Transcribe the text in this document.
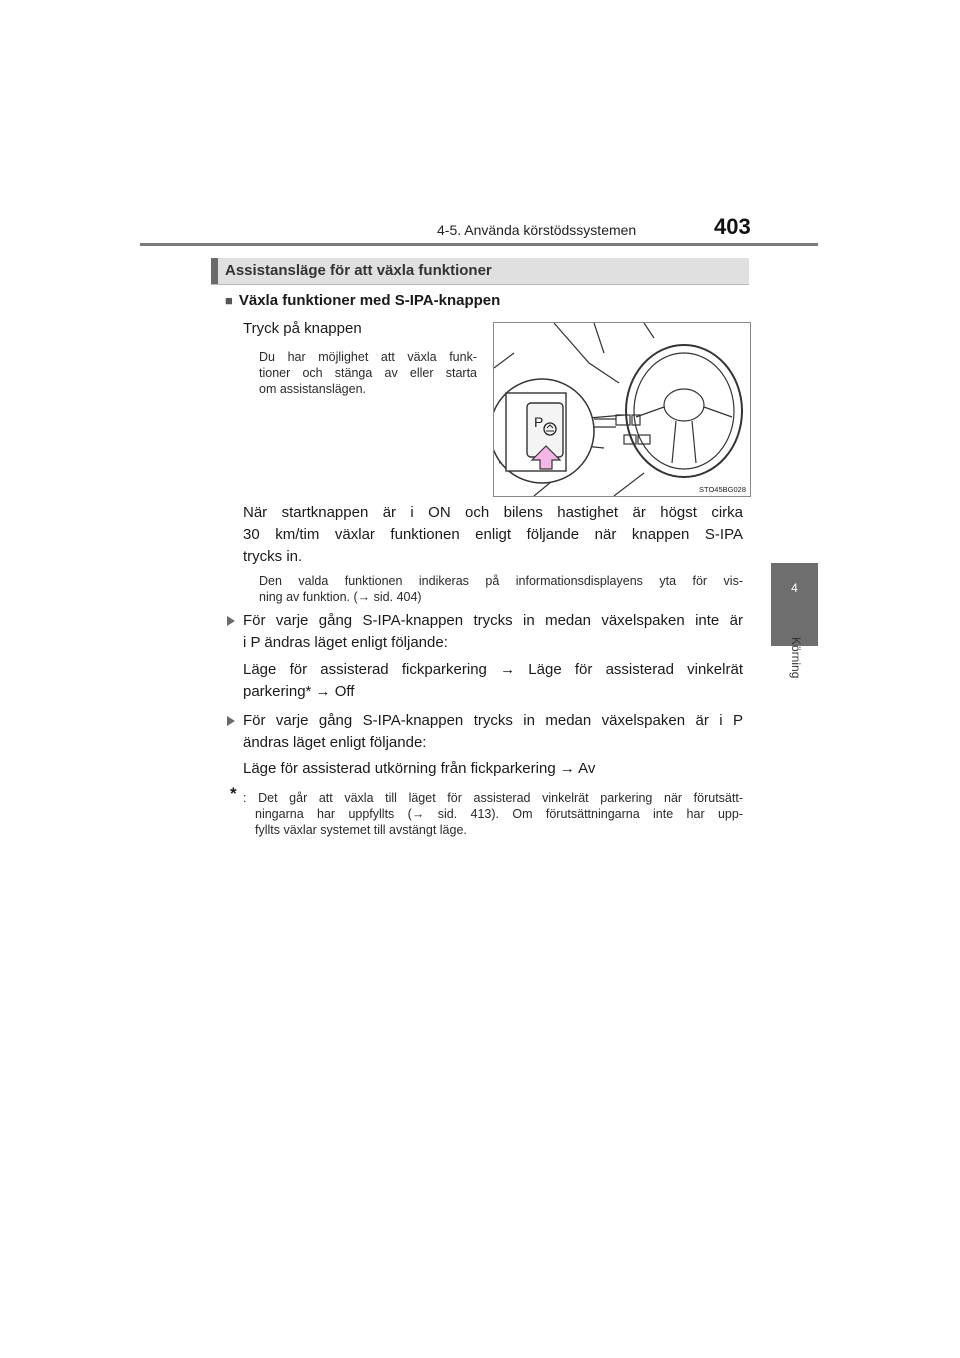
4-5. Använda körstödssystemen	403
4
Körning
Assistansläge för att växla funktioner
■ Växla funktioner med S-IPA-knappen
Tryck på knappen
Du har möjlighet att växla funk-
tioner och stänga av eller starta
om assistanslägen.
P
STO45BG028
När startknappen är i ON och bilens hastighet är högst cirka
30 km/tim växlar funktionen enligt följande när knappen S-IPA
trycks in.
Den valda funktionen indikeras på informationsdisplayens yta för vis-
ning av funktion. (→ sid. 404)
För varje gång S-IPA-knappen trycks in medan växelspaken inte är
i P ändras läget enligt följande:
Läge för assisterad fickparkering → Läge för assisterad vinkelrät
parkering* → Off
För varje gång S-IPA-knappen trycks in medan växelspaken är i P
ändras läget enligt följande:
Läge för assisterad utkörning från fickparkering → Av
* : Det går att växla till läget för assisterad vinkelrät parkering när förutsätt-
ningarna har uppfyllts (→ sid. 413). Om förutsättningarna inte har upp-
fyllts växlar systemet till avstängt läge.
